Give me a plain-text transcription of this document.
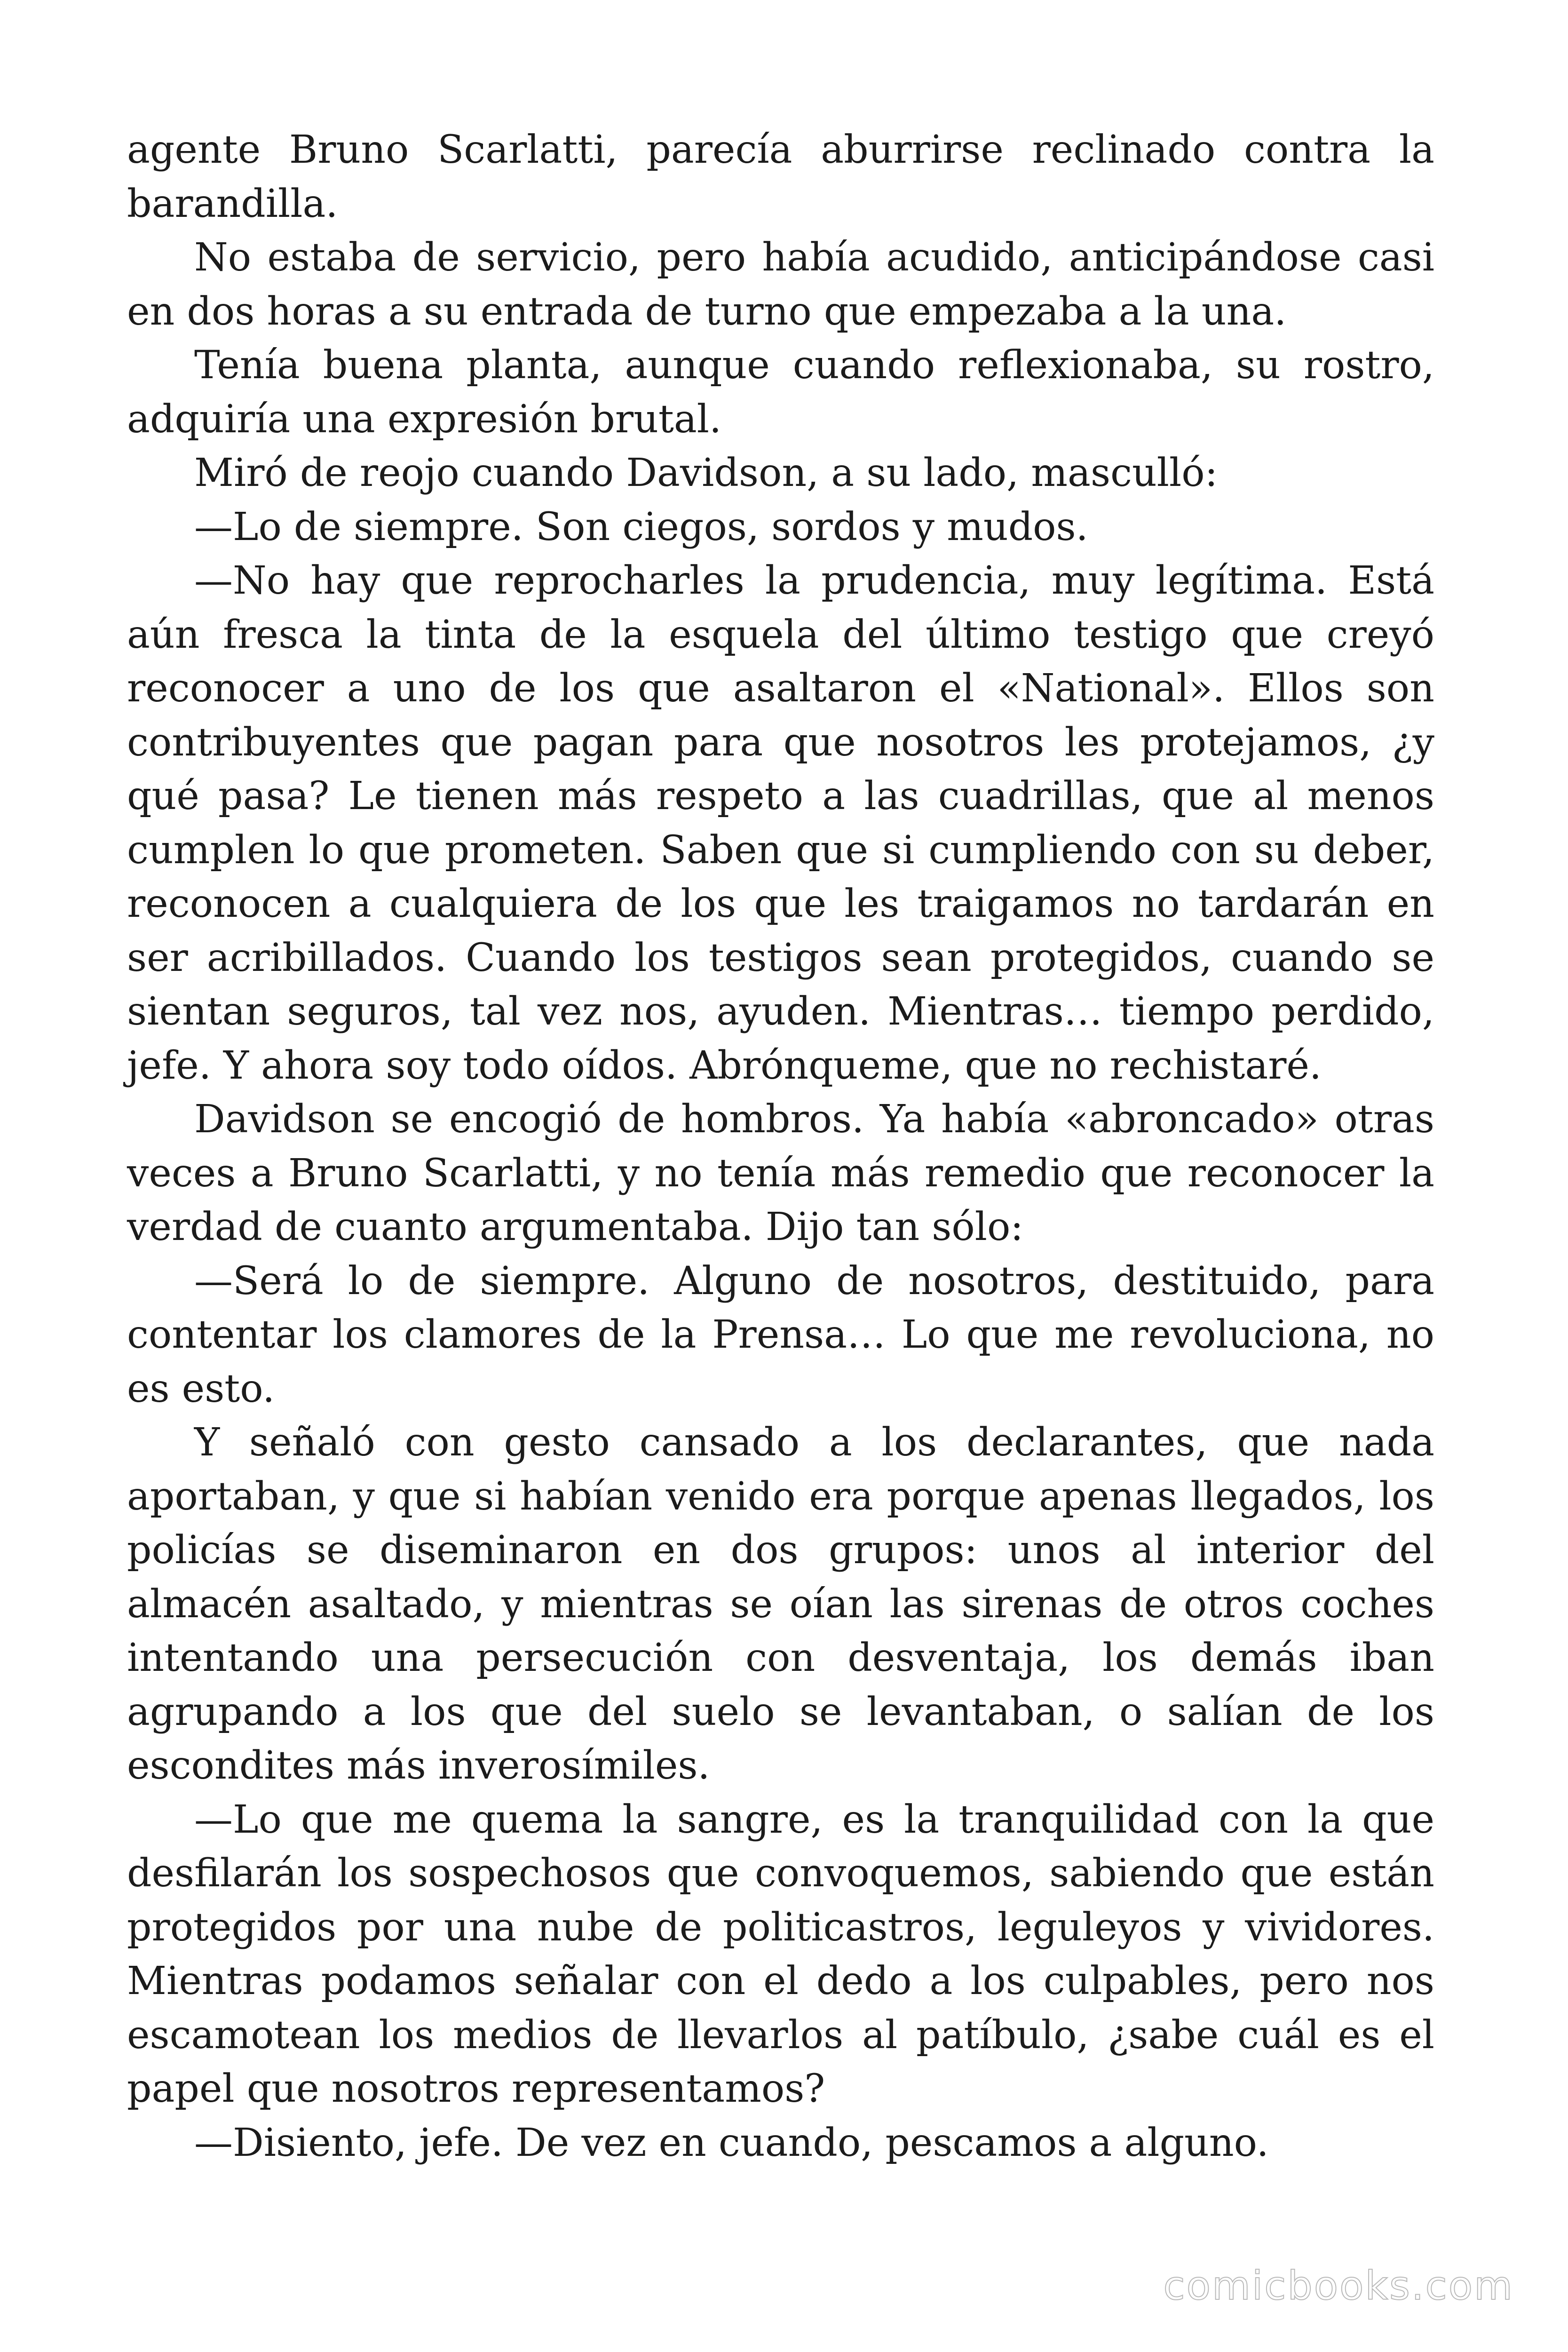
agente Bruno Scarlatti, parecía aburrirse reclinado contra la barandilla.

No estaba de servicio, pero había acudido, anticipándose casi en dos horas a su entrada de turno que empezaba a la una.

Tenía buena planta, aunque cuando reflexionaba, su rostro, adquiría una expresión brutal.

Miró de reojo cuando Davidson, a su lado, masculló:

—Lo de siempre. Son ciegos, sordos y mudos.

—No hay que reprocharles la prudencia, muy legítima. Está aún fresca la tinta de la esquela del último testigo que creyó reconocer a uno de los que asaltaron el «National». Ellos son contribuyentes que pagan para que nosotros les protejamos, ¿y qué pasa? Le tienen más respeto a las cuadrillas, que al menos cumplen lo que prometen. Saben que si cumpliendo con su deber, reconocen a cualquiera de los que les traigamos no tardarán en ser acribillados. Cuando los testigos sean protegidos, cuando se sientan seguros, tal vez nos, ayuden. Mientras… tiempo perdido, jefe. Y ahora soy todo oídos. Abrónqueme, que no rechistaré.

Davidson se encogió de hombros. Ya había «abroncado» otras veces a Bruno Scarlatti, y no tenía más remedio que reconocer la verdad de cuanto argumentaba. Dijo tan sólo:

—Será lo de siempre. Alguno de nosotros, destituido, para contentar los clamores de la Prensa… Lo que me revoluciona, no es esto.

Y señaló con gesto cansado a los declarantes, que nada aportaban, y que si habían venido era porque apenas llegados, los policías se diseminaron en dos grupos: unos al interior del almacén asaltado, y mientras se oían las sirenas de otros coches intentando una persecución con desventaja, los demás iban agrupando a los que del suelo se levantaban, o salían de los escondites más inverosímiles.

—Lo que me quema la sangre, es la tranquilidad con la que desfilarán los sospechosos que convoquemos, sabiendo que están protegidos por una nube de politicastros, leguleyos y vividores. Mientras podamos señalar con el dedo a los culpables, pero nos escamotean los medios de llevarlos al patíbulo, ¿sabe cuál es el papel que nosotros representamos?

—Disiento, jefe. De vez en cuando, pescamos a alguno.

comicbooks.com
